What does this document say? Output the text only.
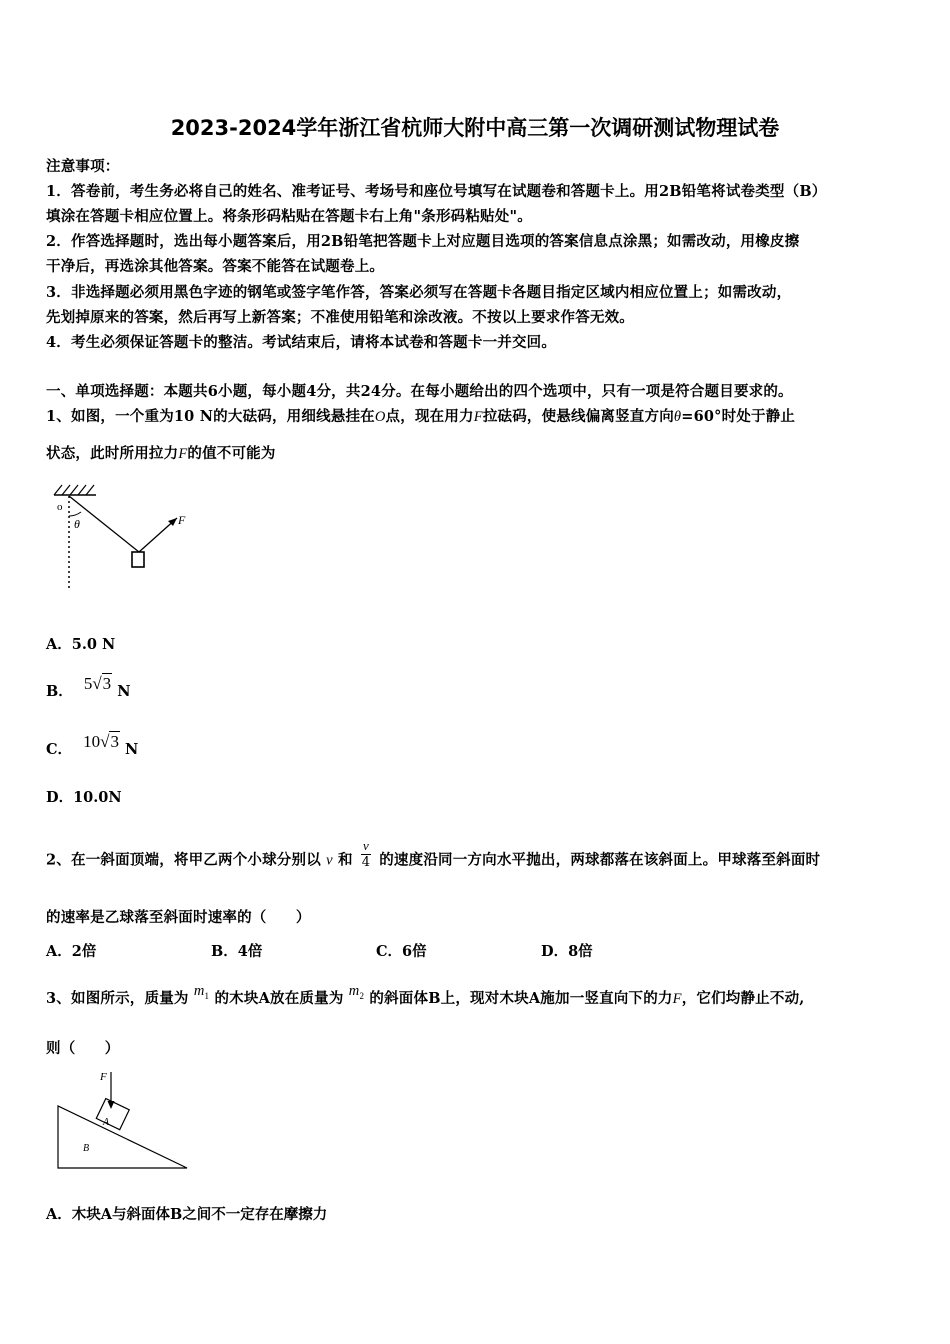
2023-2024学年浙江省杭师大附中高三第一次调研测试物理试卷
注意事项：
1．答卷前，考生务必将自己的姓名、准考证号、考场号和座位号填写在试题卷和答题卡上。用2B铅笔将试卷类型（B）
填涂在答题卡相应位置上。将条形码粘贴在答题卡右上角"条形码粘贴处"。
2．作答选择题时，选出每小题答案后，用2B铅笔把答题卡上对应题目选项的答案信息点涂黑；如需改动，用橡皮擦
干净后，再选涂其他答案。答案不能答在试题卷上。
3．非选择题必须用黑色字迹的钢笔或签字笔作答，答案必须写在答题卡各题目指定区域内相应位置上；如需改动，
先划掉原来的答案，然后再写上新答案；不准使用铅笔和涂改液。不按以上要求作答无效。
4．考生必须保证答题卡的整洁。考试结束后，请将本试卷和答题卡一并交回。
一、单项选择题：本题共6小题，每小题4分，共24分。在每小题给出的四个选项中，只有一项是符合题目要求的。
1、如图，一个重为10 N的大砝码，用细线悬挂在O点，现在用力F拉砝码，使悬线偏离竖直方向θ=60°时处于静止
状态，此时所用拉力F的值不可能为
o
θ	F
A．5.0 N
B． 5√3 N
C． 10√3 N
D．10.0N
2、在一斜面顶端，将甲乙两个小球分别以 v 和 $\frac{v}{4}$ 的速度沿同一方向水平抛出，两球都落在该斜面上。甲球落至斜面时
的速率是乙球落至斜面时速率的（　　）
A．2倍	B．4倍	C．6倍	D．8倍
3、如图所示，质量为 $m_1$ 的木块A放在质量为 $m_2$ 的斜面体B上，现对木块A施加一竖直向下的力F，它们均静止不动,
则（　　）
F
A
B
A．木块A与斜面体B之间不一定存在摩擦力
